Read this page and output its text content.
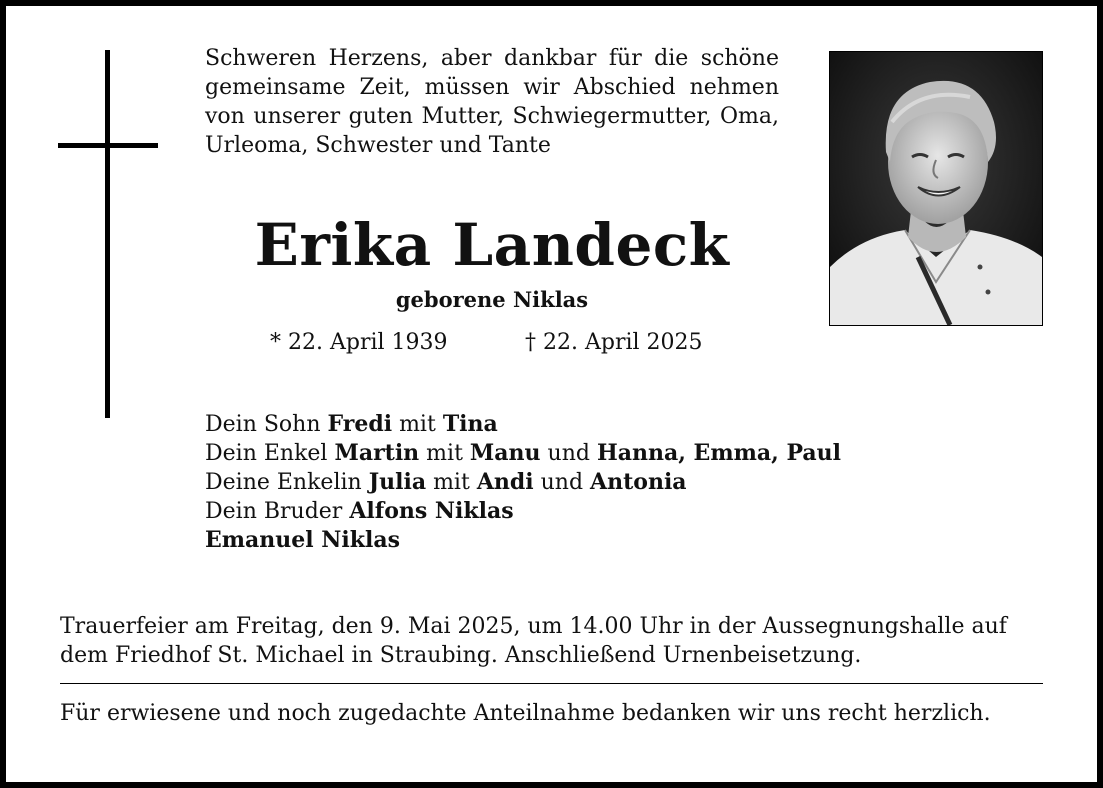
Schweren Herzens, aber dankbar für die schöne gemeinsame Zeit, müssen wir Abschied nehmen von unserer guten Mutter, Schwiegermutter, Oma, Urleoma, Schwester und Tante
Erika Landeck
geborene Niklas
* 22. April 1939	† 22. April 2025
Dein Sohn Fredi mit Tina
Dein Enkel Martin mit Manu und Hanna, Emma, Paul
Deine Enkelin Julia mit Andi und Antonia
Dein Bruder Alfons Niklas
Emanuel Niklas
Trauerfeier am Freitag, den 9. Mai 2025, um 14.00 Uhr in der Aussegnungshalle auf dem Friedhof St. Michael in Straubing. Anschließend Urnenbeisetzung.
Für erwiesene und noch zugedachte Anteilnahme bedanken wir uns recht herzlich.
